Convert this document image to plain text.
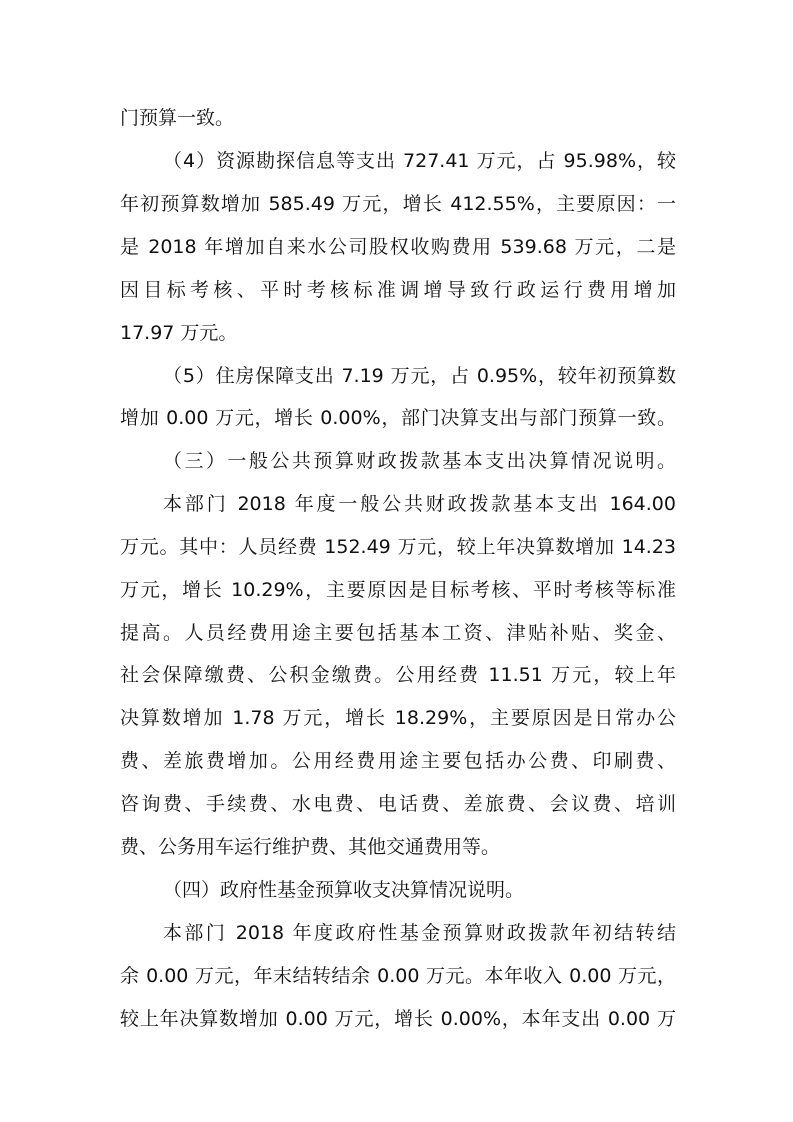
门预算一致。
（4）资源勘探信息等支出 727.41 万元，占 95.98%，较
年初预算数增加 585.49 万元，增长 412.55%，主要原因：一
是 2018 年增加自来水公司股权收购费用 539.68 万元，二是
因目标考核、平时考核标准调增导致行政运行费用增加
17.97 万元。
（5）住房保障支出 7.19 万元，占 0.95%，较年初预算数
增加 0.00 万元，增长 0.00%，部门决算支出与部门预算一致。
（三）一般公共预算财政拨款基本支出决算情况说明。
本部门 2018 年度一般公共财政拨款基本支出 164.00
万元。其中：人员经费 152.49 万元，较上年决算数增加 14.23
万元，增长 10.29%，主要原因是目标考核、平时考核等标准
提高。人员经费用途主要包括基本工资、津贴补贴、奖金、
社会保障缴费、公积金缴费。公用经费 11.51 万元，较上年
决算数增加 1.78 万元，增长 18.29%，主要原因是日常办公
费、差旅费增加。公用经费用途主要包括办公费、印刷费、
咨询费、手续费、水电费、电话费、差旅费、会议费、培训
费、公务用车运行维护费、其他交通费用等。
（四）政府性基金预算收支决算情况说明。
本部门 2018 年度政府性基金预算财政拨款年初结转结
余 0.00 万元，年末结转结余 0.00 万元。本年收入 0.00 万元，
较上年决算数增加 0.00 万元，增长 0.00%，本年支出 0.00 万
